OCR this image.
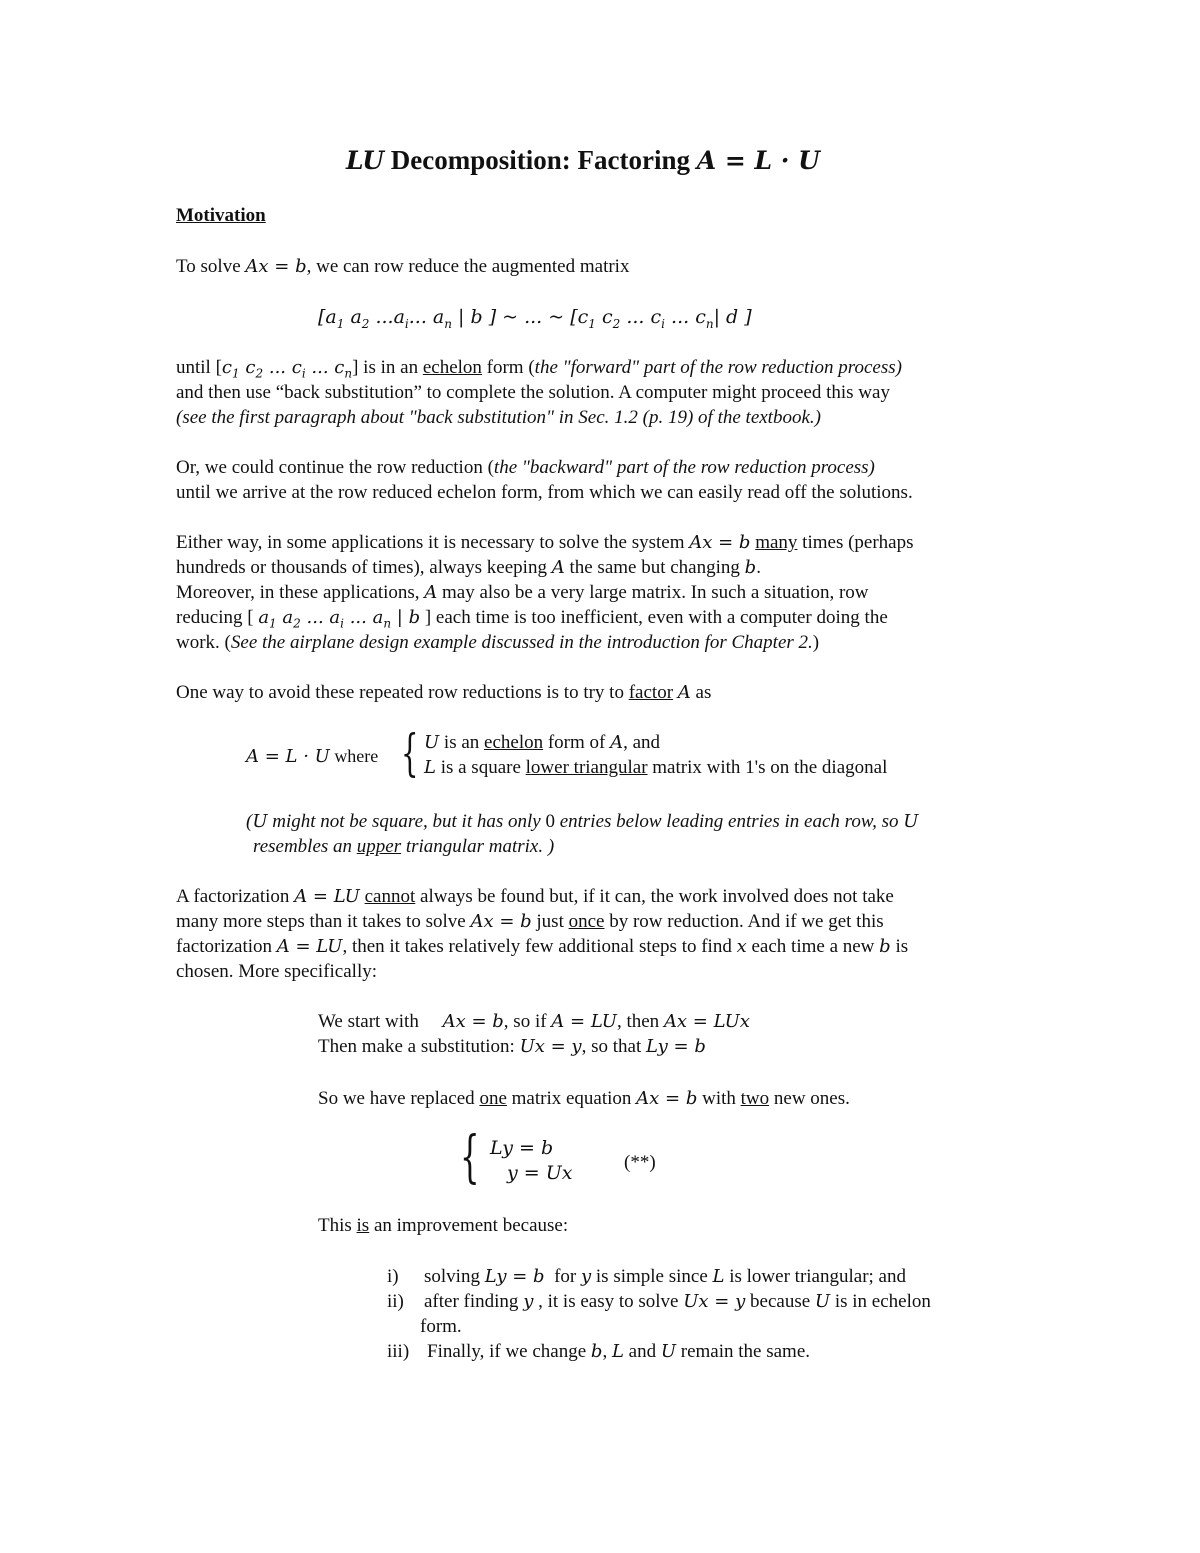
LU Decomposition: Factoring A = L · U
Motivation
To solve Ax = b, we can row reduce the augmented matrix
[$a_1$ $a_2$ $...a_i$... $a_n$ | b ] ~ ... ~ [$c_1$ $c_2$ ... $c_i$ ... $c_n|$ d ]
until [$c_1$ $c_2$ ... $c_i$ ... $c_n$] is in an echelon form (the "forward" part of the row reduction process)
and then use “back substitution” to complete the solution. A computer might proceed this way
(see the first paragraph about "back substitution" in Sec. 1.2 (p. 19) of the textbook.)
Or, we could continue the row reduction (the "backward" part of the row reduction process)
until we arrive at the row reduced echelon form, from which we can easily read off the solutions.
Either way, in some applications it is necessary to solve the system Ax = b many times (perhaps
hundreds or thousands of times), always keeping A the same but changing b.
Moreover, in these applications, A may also be a very large matrix. In such a situation, row
reducing [ $a_1$ $a_2$ ... $a_i$ ... $a_n$ | b ] each time is too inefficient, even with a computer doing the
work. (See the airplane design example discussed in the introduction for Chapter 2.)
One way to avoid these repeated row reductions is to try to factor A as
A = L · U where { U is an echelon form of A, and
L is a square lower triangular matrix with 1's on the diagonal
(U might not be square, but it has only 0 entries below leading entries in each row, so U
resembles an upper triangular matrix. )
A factorization A = LU cannot always be found but, if it can, the work involved does not take
many more steps than it takes to solve Ax = b just once by row reduction. And if we get this
factorization A = LU, then it takes relatively few additional steps to find x each time a new b is
chosen. More specifically:
We start with     Ax = b, so if A = LU, then Ax = LUx
Then make a substitution: Ux = y, so that Ly = b
So we have replaced one matrix equation Ax = b with two new ones.
{ Ly = b
y = Ux	(**)
This is an improvement because:
i) solving Ly = b  for y is simple since L is lower triangular; and
ii) after finding y , it is easy to solve Ux = y because U is in echelon
form.
iii) Finally, if we change b, L and U remain the same.
